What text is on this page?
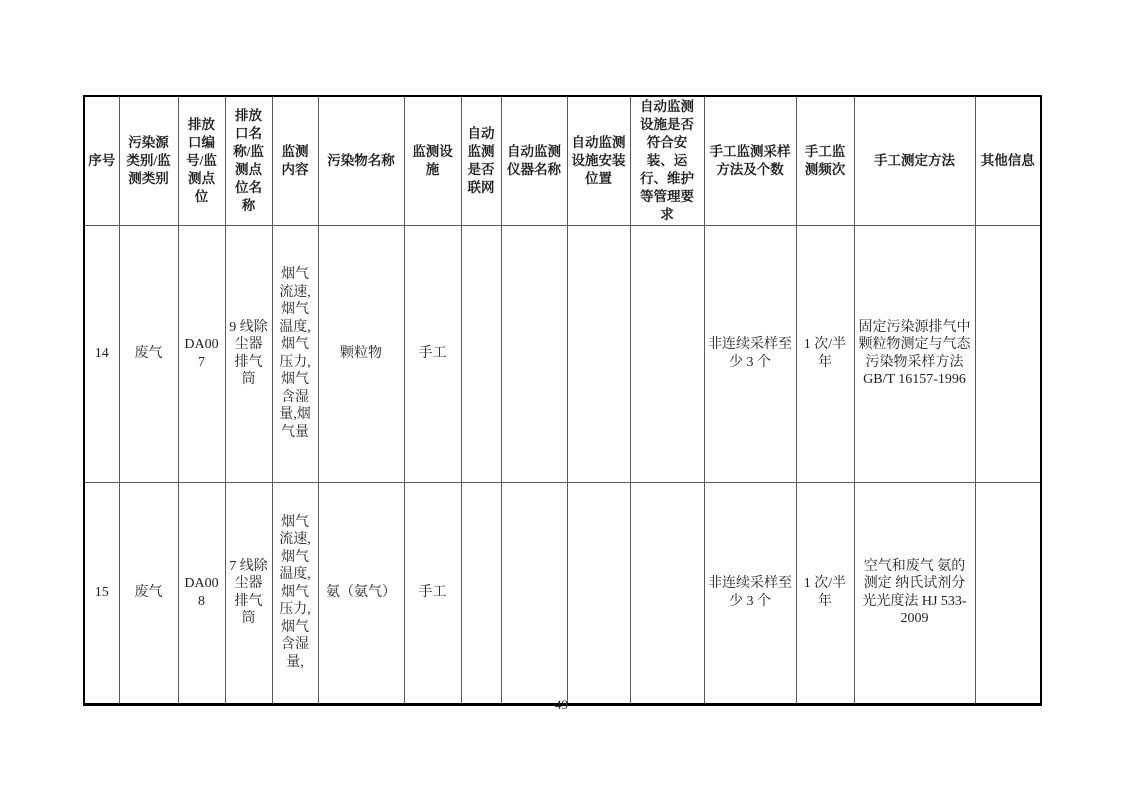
序号	污染源类别/监测类别	排放口编号/监测点位	排放口名称/监测点位名称	监测内容	污染物名称	监测设施	自动监测是否联网	自动监测仪器名称	自动监测设施安装位置	自动监测设施是否符合安装、运行、维护等管理要求	手工监测采样方法及个数	手工监测频次	手工测定方法	其他信息
14	废气	DA007	9 线除尘器排气筒	烟气流速,烟气温度,烟气压力,烟气含湿量,烟气量	颗粒物	手工					非连续采样至少 3 个	1 次/半年	固定污染源排气中颗粒物测定与气态污染物采样方法 GB/T 16157-1996	
15	废气	DA008	7 线除尘器排气筒	烟气流速,烟气温度,烟气压力,烟气含湿量,	氨（氨气）	手工					非连续采样至少 3 个	1 次/半年	空气和废气 氨的测定 纳氏试剂分光光度法 HJ 533-2009	
49
